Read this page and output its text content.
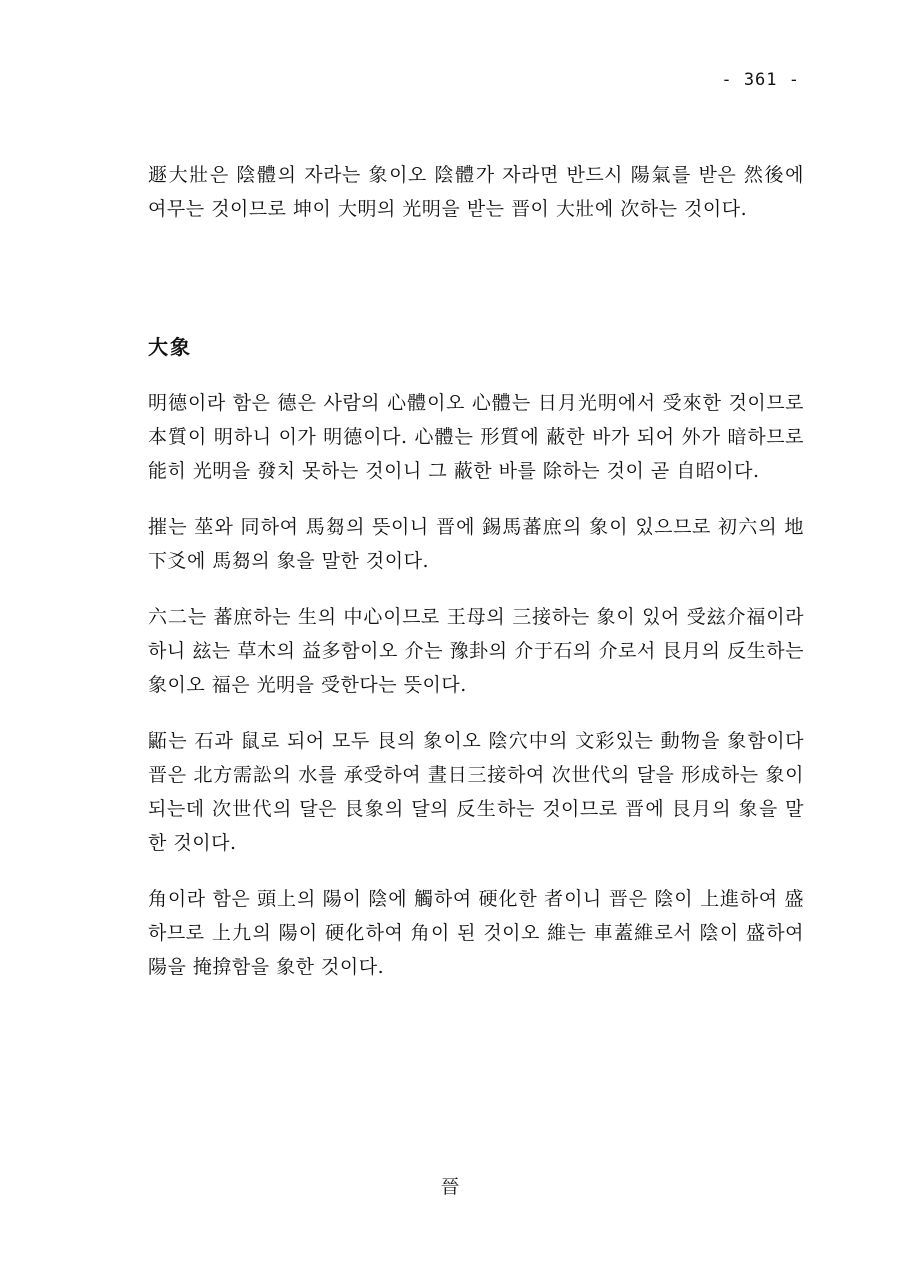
- 361 -

遯大壯은 陰體의 자라는 象이오 陰體가 자라면 반드시 陽氣를 받은 然後에 여무는 것이므로 坤이 大明의 光明을 받는 晋이 大壯에 次하는 것이다.

大象

明德이라 함은 德은 사람의 心體이오 心體는 日月光明에서 受來한 것이므로 本質이 明하니 이가 明德이다. 心體는 形質에 蔽한 바가 되어 外가 暗하므로 能히 光明을 發치 못하는 것이니 그 蔽한 바를 除하는 것이 곧 自昭이다.

摧는 莝와 同하여 馬芻의 뜻이니 晋에 錫馬蕃庶의 象이 있으므로 初六의 地下爻에 馬芻의 象을 말한 것이다.

六二는 蕃庶하는 生의 中心이므로 王母의 三接하는 象이 있어 受玆介福이라 하니 玆는 草木의 益多함이오 介는 豫卦의 介于石의 介로서 艮月의 反生하는 象이오 福은 光明을 受한다는 뜻이다.

鼫는 石과 鼠로 되어 모두 艮의 象이오 陰穴中의 文彩있는 動物을 象함이다 晋은 北方需訟의 水를 承受하여 晝日三接하여 次世代의 달을 形成하는 象이 되는데 次世代의 달은 艮象의 달의 反生하는 것이므로 晋에 艮月의 象을 말한 것이다.

角이라 함은 頭上의 陽이 陰에 觸하여 硬化한 者이니 晋은 陰이 上進하여 盛하므로 上九의 陽이 硬化하여 角이 된 것이오 維는 車蓋維로서 陰이 盛하여 陽을 掩揜함을 象한 것이다.

晉
